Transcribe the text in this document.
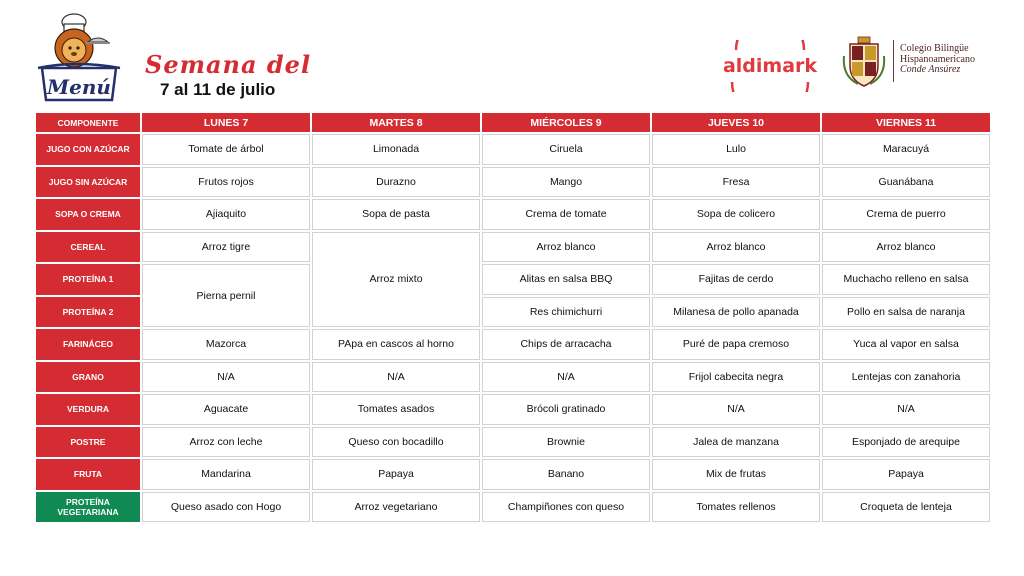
Menú
Semana del
7 al 11 de julio
aldimark
Colegio Bilingüe
Hispanoamericano
Conde Ansúrez
COMPONENTE	LUNES 7	MARTES 8	MIÉRCOLES 9	JUEVES 10	VIERNES 11
JUGO CON AZÚCAR	Tomate de árbol	Limonada	Ciruela	Lulo	Maracuyá
JUGO SIN AZÚCAR	Frutos rojos	Durazno	Mango	Fresa	Guanábana
SOPA O CREMA	Ajiaquito	Sopa de pasta	Crema de tomate	Sopa de colicero	Crema de puerro
CEREAL	Arroz tigre	Arroz mixto	Arroz blanco	Arroz blanco	Arroz blanco
PROTEÍNA 1	Pierna pernil		Alitas en salsa BBQ	Fajitas de cerdo	Muchacho relleno en salsa
PROTEÍNA 2			Res chimichurri	Milanesa de pollo apanada	Pollo en salsa de naranja
FARINÁCEO	Mazorca	PApa en cascos al horno	Chips de arracacha	Puré de papa cremoso	Yuca al vapor en salsa
GRANO	N/A	N/A	N/A	Frijol cabecita negra	Lentejas con zanahoria
VERDURA	Aguacate	Tomates asados	Brócoli gratinado	N/A	N/A
POSTRE	Arroz con leche	Queso con bocadillo	Brownie	Jalea de manzana	Esponjado de arequipe
FRUTA	Mandarina	Papaya	Banano	Mix de frutas	Papaya
PROTEÍNA VEGETARIANA	Queso asado con Hogo	Arroz vegetariano	Champiñones con queso	Tomates rellenos	Croqueta de lenteja
